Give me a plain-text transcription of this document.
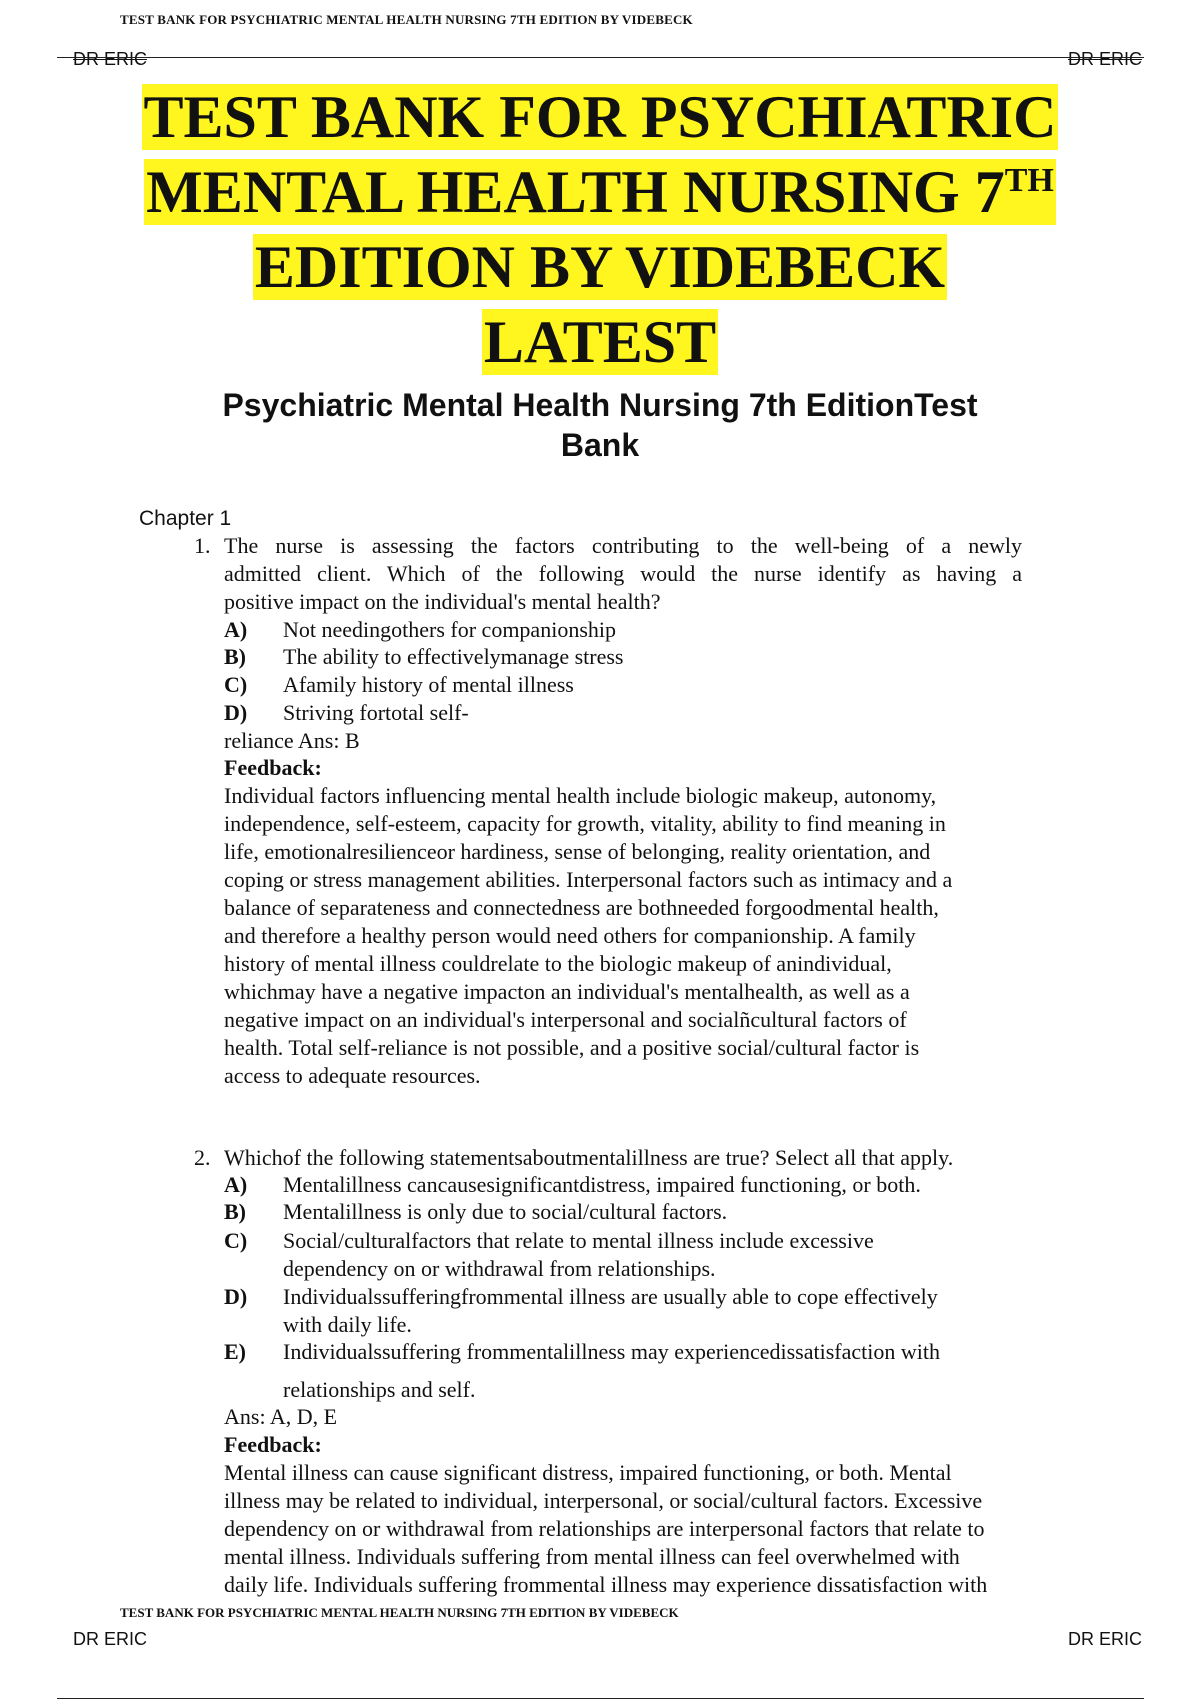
TEST BANK FOR PSYCHIATRIC MENTAL HEALTH NURSING 7TH EDITION BY VIDEBECK
DR ERIC	DR ERIC
TEST BANK FOR PSYCHIATRIC
MENTAL HEALTH NURSING 7TH
EDITION BY VIDEBECK
LATEST
Psychiatric Mental Health Nursing 7th EditionTest
Bank
Chapter 1
1. The nurse is assessing the factors contributing to the well-being of a newly
admitted client. Which of the following would the nurse identify as having a
positive impact on the individual's mental health?
A) Not needingothers for companionship
B) The ability to effectivelymanage stress
C) Afamily history of mental illness
D) Striving fortotal self-
reliance Ans: B
Feedback:
Individual factors influencing mental health include biologic makeup, autonomy,
independence, self-esteem, capacity for growth, vitality, ability to find meaning in
life, emotionalresilienceor hardiness, sense of belonging, reality orientation, and
coping or stress management abilities. Interpersonal factors such as intimacy and a
balance of separateness and connectedness are bothneeded forgoodmental health,
and therefore a healthy person would need others for companionship. A family
history of mental illness couldrelate to the biologic makeup of anindividual,
whichmay have a negative impacton an individual's mentalhealth, as well as a
negative impact on an individual's interpersonal and socialñcultural factors of
health. Total self-reliance is not possible, and a positive social/cultural factor is
access to adequate resources.
2. Whichof the following statementsaboutmentalillness are true? Select all that apply.
A) Mentalillness cancausesignificantdistress, impaired functioning, or both.
B) Mentalillness is only due to social/cultural factors.
C) Social/culturalfactors that relate to mental illness include excessive
dependency on or withdrawal from relationships.
D) Individualssufferingfrommental illness are usually able to cope effectively
with daily life.
E) Individualssuffering frommentalillness may experiencedissatisfaction with
relationships and self.
Ans: A, D, E
Feedback:
Mental illness can cause significant distress, impaired functioning, or both. Mental
illness may be related to individual, interpersonal, or social/cultural factors. Excessive
dependency on or withdrawal from relationships are interpersonal factors that relate to
mental illness. Individuals suffering from mental illness can feel overwhelmed with
daily life. Individuals suffering frommental illness may experience dissatisfaction with
TEST BANK FOR PSYCHIATRIC MENTAL HEALTH NURSING 7TH EDITION BY VIDEBECK
DR ERIC	DR ERIC
